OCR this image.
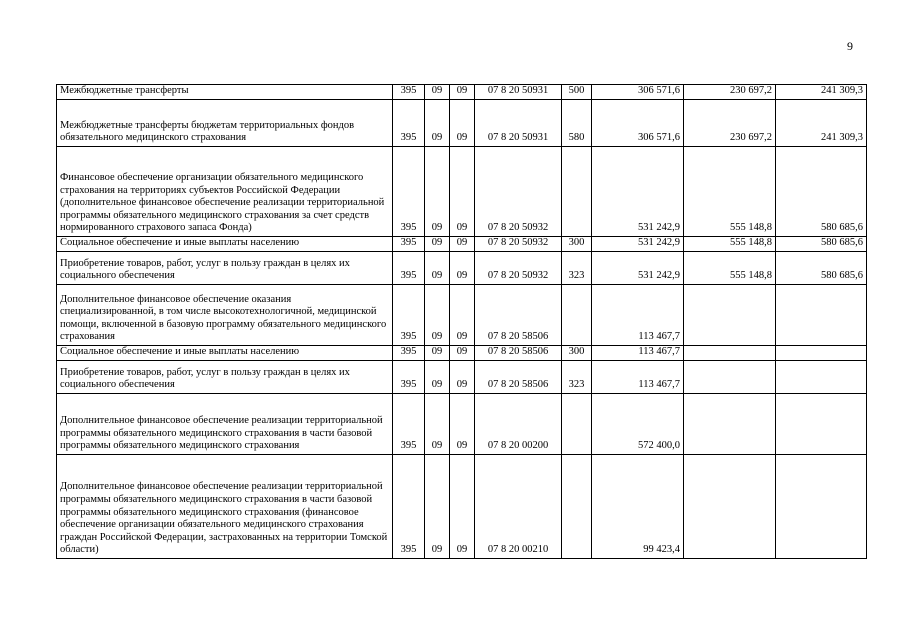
9
Межбюджетные трансферты	395	09	09	07 8 20 50931	500	306 571,6	230 697,2	241 309,3
Межбюджетные трансферты бюджетам территориальных фондов обязательного медицинского страхования	395	09	09	07 8 20 50931	580	306 571,6	230 697,2	241 309,3
Финансовое обеспечение организации обязательного медицинского страхования на территориях субъектов Российской Федерации (дополнительное финансовое обеспечение реализации территориальной программы обязательного медицинского страхования за счет средств нормированного страхового запаса Фонда)	395	09	09	07 8 20 50932		531 242,9	555 148,8	580 685,6
Социальное обеспечение и иные выплаты населению	395	09	09	07 8 20 50932	300	531 242,9	555 148,8	580 685,6
Приобретение товаров, работ, услуг в пользу граждан в целях их социального обеспечения	395	09	09	07 8 20 50932	323	531 242,9	555 148,8	580 685,6
Дополнительное финансовое обеспечение оказания специализированной, в том числе высокотехнологичной, медицинской помощи, включенной в базовую программу обязательного медицинского страхования	395	09	09	07 8 20 58506		113 467,7		
Социальное обеспечение и иные выплаты населению	395	09	09	07 8 20 58506	300	113 467,7		
Приобретение товаров, работ, услуг в пользу граждан в целях их социального обеспечения	395	09	09	07 8 20 58506	323	113 467,7		
Дополнительное финансовое обеспечение реализации территориальной программы обязательного медицинского страхования в части базовой программы обязательного медицинского страхования	395	09	09	07 8 20 00200		572 400,0		
Дополнительное финансовое обеспечение реализации территориальной программы обязательного медицинского страхования в части базовой программы обязательного медицинского страхования (финансовое обеспечение организации обязательного медицинского страхования граждан Российской Федерации, застрахованных на территории Томской области)	395	09	09	07 8 20 00210		99 423,4		
